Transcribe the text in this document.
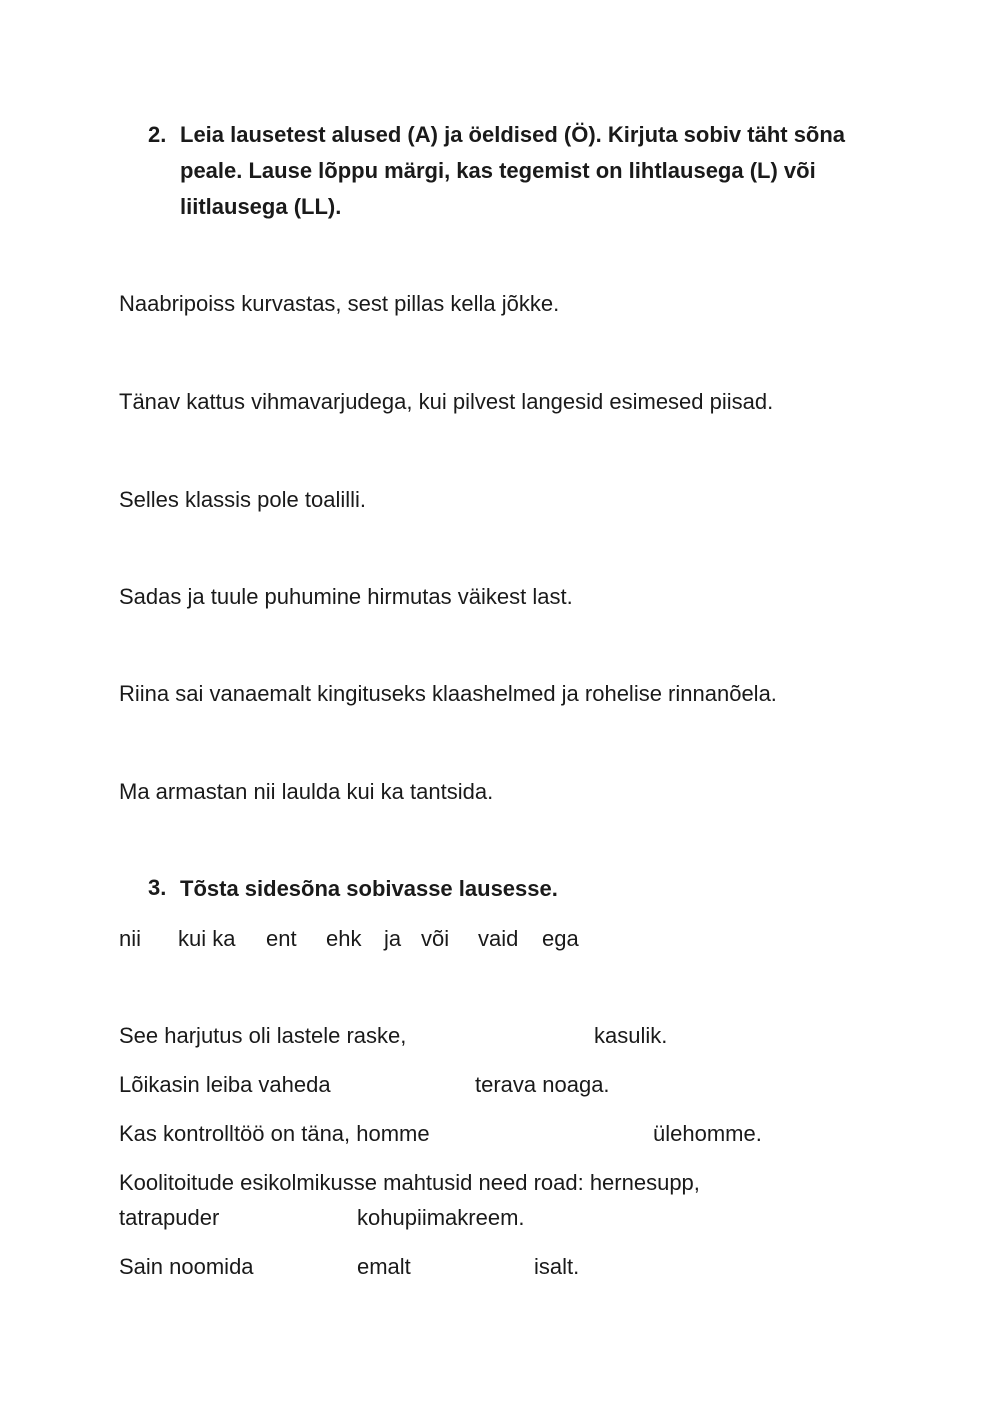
2. Leia lausetest alused (A) ja öeldised (Ö). Kirjuta sobiv täht sõna peale. Lause lõppu märgi, kas tegemist on lihtlausega (L) või liitlausega (LL).
Naabripoiss kurvastas, sest pillas kella jõkke.
Tänav kattus vihmavarjudega, kui pilvest langesid esimesed piisad.
Selles klassis pole toalilli.
Sadas ja tuule puhumine hirmutas väikest last.
Riina sai vanaemalt kingituseks klaashelmed ja rohelise rinnanõela.
Ma armastan nii laulda kui ka tantsida.
3. Tõsta sidesõna sobivasse lausesse.
nii kui ka ent ehk ja või vaid ega
See harjutus oli lastele raske,	kasulik.
Lõikasin leiba vaheda	terava noaga.
Kas kontrolltöö on täna, homme	ülehomme.
Koolitoitude esikolmikusse mahtusid need road: hernesupp,
tatrapuder	kohupiimakreem.
Sain noomida	emalt	isalt.
